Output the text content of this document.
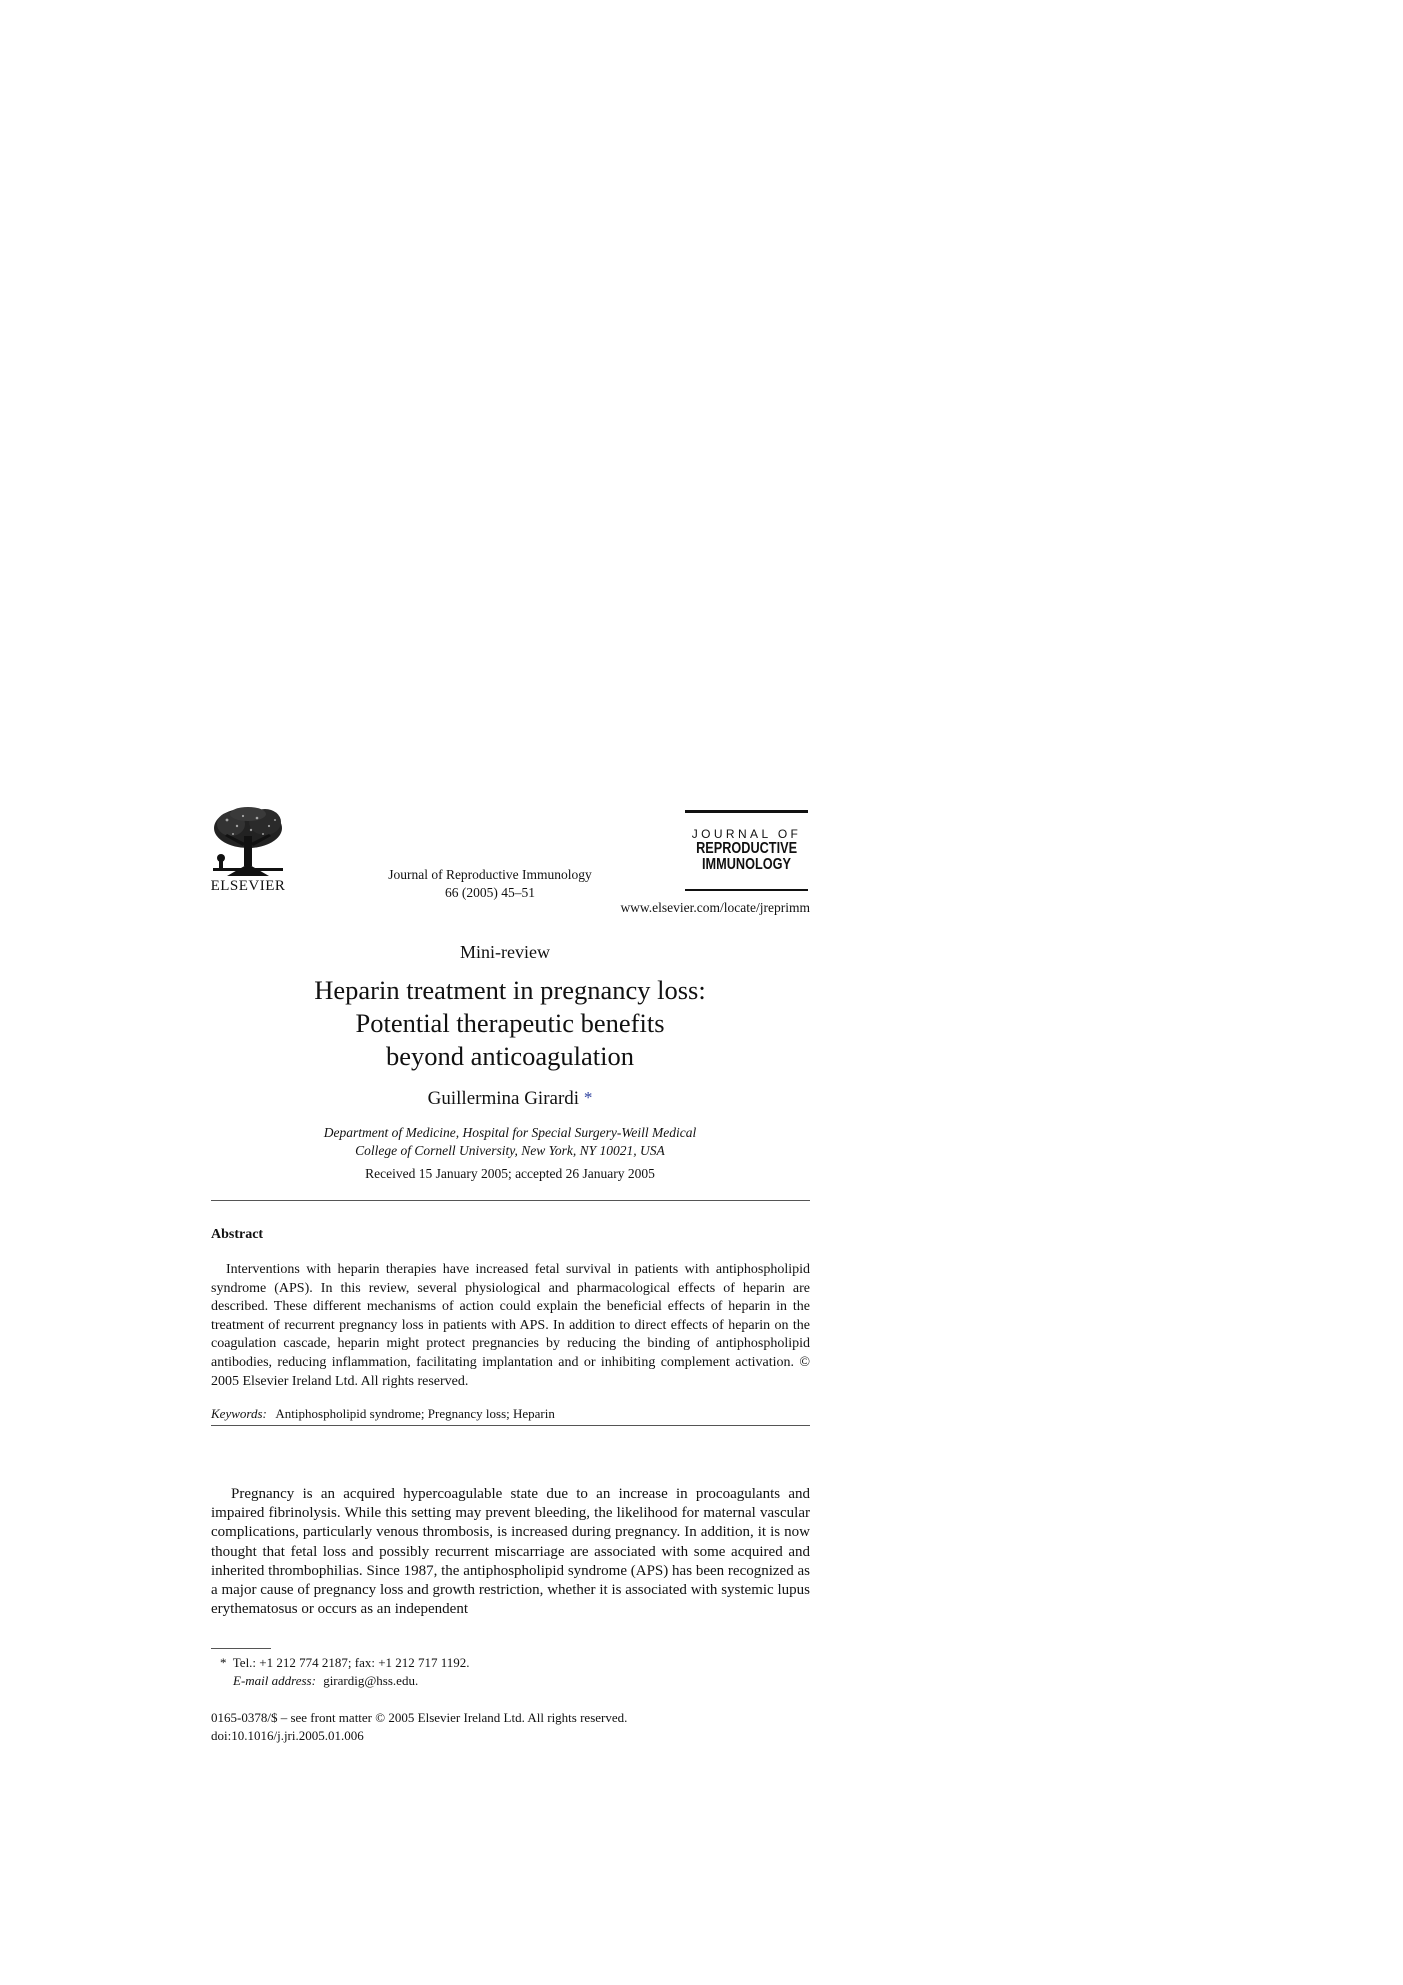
ELSEVIER
Journal of Reproductive Immunology
66 (2005) 45–51
JOURNAL OF
REPRODUCTIVE
IMMUNOLOGY
www.elsevier.com/locate/jreprimm
Mini-review
Heparin treatment in pregnancy loss:
Potential therapeutic benefits
beyond anticoagulation
Guillermina Girardi *
Department of Medicine, Hospital for Special Surgery-Weill Medical
College of Cornell University, New York, NY 10021, USA
Received 15 January 2005; accepted 26 January 2005
Abstract
Interventions with heparin therapies have increased fetal survival in patients with antiphospholipid syndrome (APS). In this review, several physiological and pharmacological effects of heparin are described. These different mechanisms of action could explain the beneficial effects of heparin in the treatment of recurrent pregnancy loss in patients with APS. In addition to direct effects of heparin on the coagulation cascade, heparin might protect pregnancies by reducing the binding of antiphospholipid antibodies, reducing inflammation, facilitating implantation and or inhibiting complement activation. © 2005 Elsevier Ireland Ltd. All rights reserved.
Keywords: Antiphospholipid syndrome; Pregnancy loss; Heparin
Pregnancy is an acquired hypercoagulable state due to an increase in procoagulants and impaired fibrinolysis. While this setting may prevent bleeding, the likelihood for maternal vascular complications, particularly venous thrombosis, is increased during pregnancy. In addition, it is now thought that fetal loss and possibly recurrent miscarriage are associated with some acquired and inherited thrombophilias. Since 1987, the antiphospholipid syndrome (APS) has been recognized as a major cause of pregnancy loss and growth restriction, whether it is associated with systemic lupus erythematosus or occurs as an independent
* Tel.: +1 212 774 2187; fax: +1 212 717 1192.
E-mail address: girardig@hss.edu.
0165-0378/$ – see front matter © 2005 Elsevier Ireland Ltd. All rights reserved.
doi:10.1016/j.jri.2005.01.006
